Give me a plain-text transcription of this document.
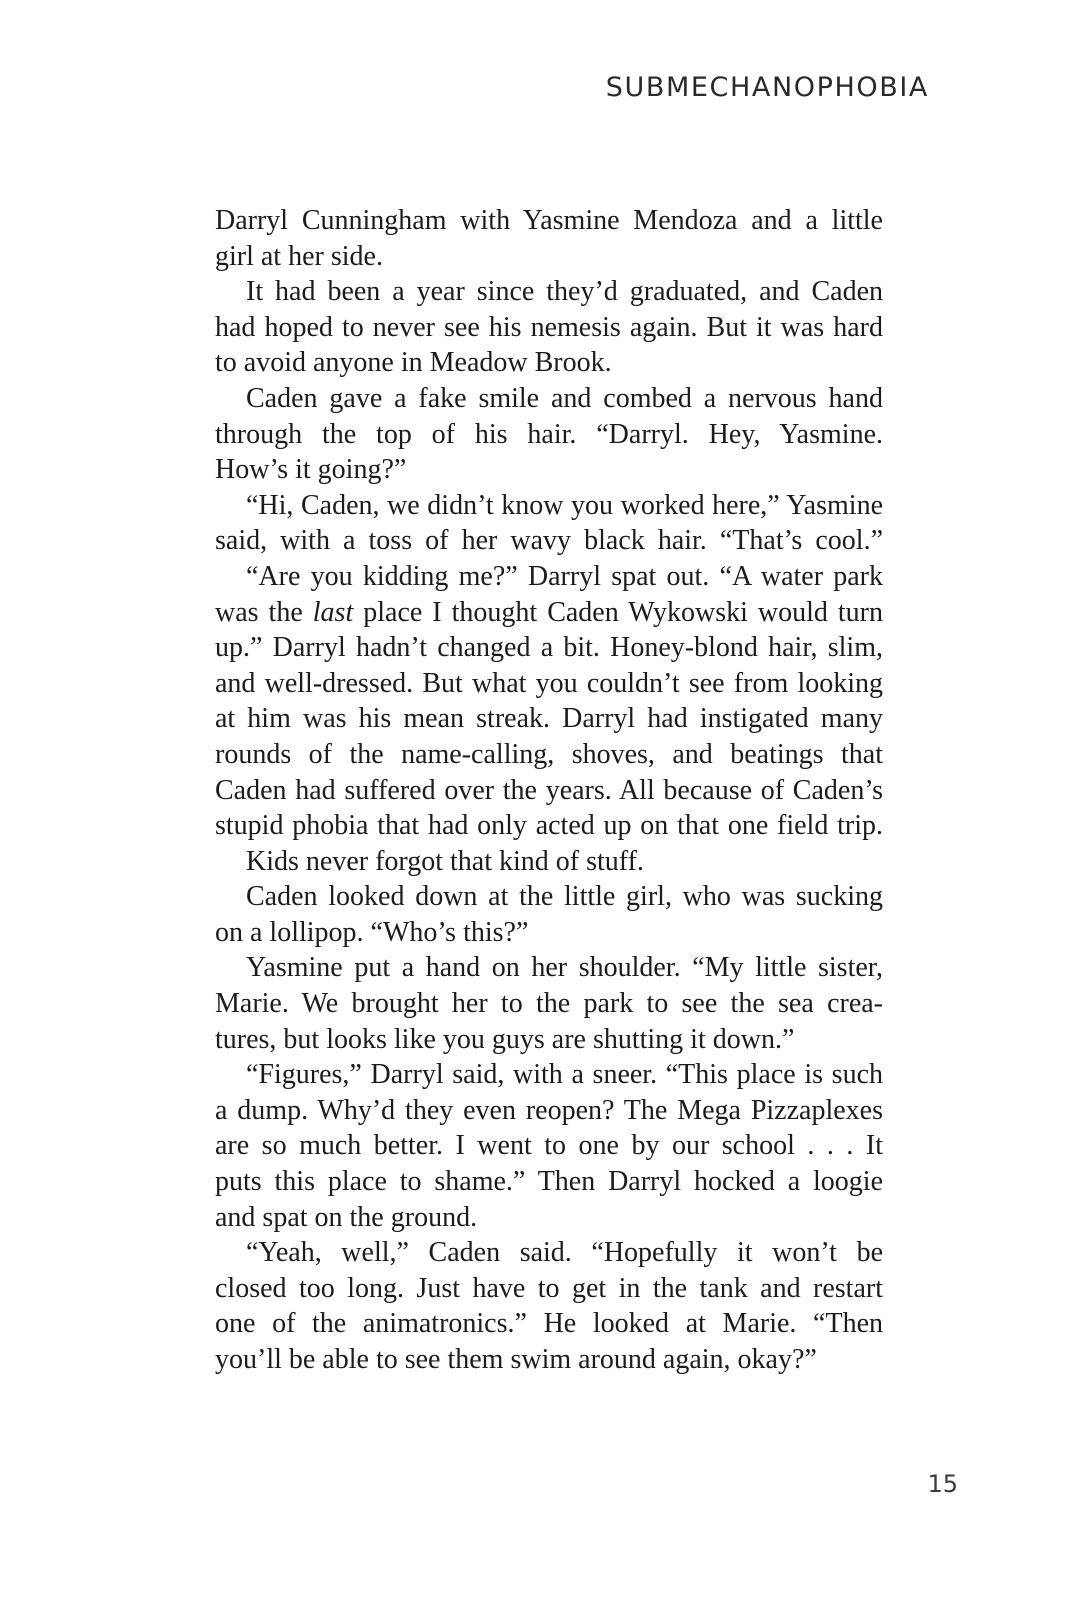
SUBMECHANOPHOBIA
Darryl Cunningham with Yasmine Mendoza and a little
girl at her side.
It had been a year since they’d graduated, and Caden
had hoped to never see his nemesis again. But it was hard
to avoid anyone in Meadow Brook.
Caden gave a fake smile and combed a nervous hand
through the top of his hair. “Darryl. Hey, Yasmine.
How’s it going?”
“Hi, Caden, we didn’t know you worked here,” Yasmine
said, with a toss of her wavy black hair. “That’s cool.”
“Are you kidding me?” Darryl spat out. “A water park
was the last place I thought Caden Wykowski would turn
up.” Darryl hadn’t changed a bit. Honey-blond hair, slim,
and well-dressed. But what you couldn’t see from looking
at him was his mean streak. Darryl had instigated many
rounds of the name-calling, shoves, and beatings that
Caden had suffered over the years. All because of Caden’s
stupid phobia that had only acted up on that one field trip.
Kids never forgot that kind of stuff.
Caden looked down at the little girl, who was sucking
on a lollipop. “Who’s this?”
Yasmine put a hand on her shoulder. “My little sister,
Marie. We brought her to the park to see the sea crea-
tures, but looks like you guys are shutting it down.”
“Figures,” Darryl said, with a sneer. “This place is such
a dump. Why’d they even reopen? The Mega Pizzaplexes
are so much better. I went to one by our school . . . It
puts this place to shame.” Then Darryl hocked a loogie
and spat on the ground.
“Yeah, well,” Caden said. “Hopefully it won’t be
closed too long. Just have to get in the tank and restart
one of the animatronics.” He looked at Marie. “Then
you’ll be able to see them swim around again, okay?”
15
